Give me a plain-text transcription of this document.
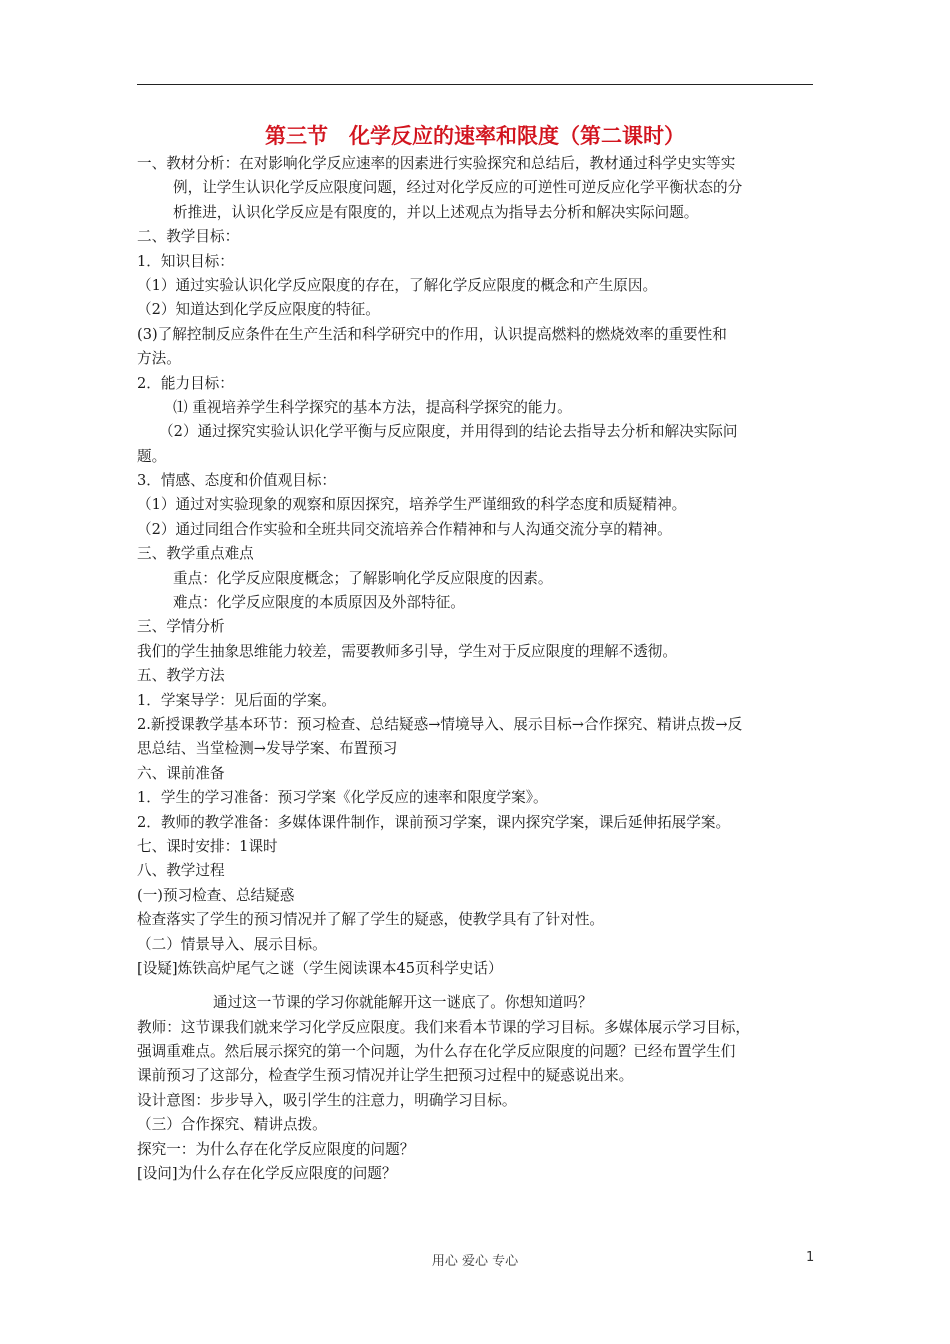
第三节　化学反应的速率和限度（第二课时）
一、教材分析：在对影响化学反应速率的因素进行实验探究和总结后，教材通过科学史实等实
例，让学生认识化学反应限度问题，经过对化学反应的可逆性可逆反应化学平衡状态的分
析推进，认识化学反应是有限度的，并以上述观点为指导去分析和解决实际问题。
二、教学目标：
1．知识目标：
（1）通过实验认识化学反应限度的存在，了解化学反应限度的概念和产生原因。
（2）知道达到化学反应限度的特征。
(3)了解控制反应条件在生产生活和科学研究中的作用，认识提高燃料的燃烧效率的重要性和
方法。
2．能力目标：
⑴ 重视培养学生科学探究的基本方法，提高科学探究的能力。
（2）通过探究实验认识化学平衡与反应限度，并用得到的结论去指导去分析和解决实际问
题。
3．情感、态度和价值观目标：
（1）通过对实验现象的观察和原因探究，培养学生严谨细致的科学态度和质疑精神。
（2）通过同组合作实验和全班共同交流培养合作精神和与人沟通交流分享的精神。
三、教学重点难点
重点：化学反应限度概念；了解影响化学反应限度的因素。
难点：化学反应限度的本质原因及外部特征。
三、学情分析
我们的学生抽象思维能力较差，需要教师多引导，学生对于反应限度的理解不透彻。
五、教学方法
1．学案导学：见后面的学案。
2.新授课教学基本环节：预习检查、总结疑惑→情境导入、展示目标→合作探究、精讲点拨→反
思总结、当堂检测→发导学案、布置预习
六、课前准备
1．学生的学习准备：预习学案《化学反应的速率和限度学案》。
2．教师的教学准备：多媒体课件制作，课前预习学案，课内探究学案，课后延伸拓展学案。
七、课时安排：1课时
八、教学过程
(一)预习检查、总结疑惑
检查落实了学生的预习情况并了解了学生的疑惑，使教学具有了针对性。
（二）情景导入、展示目标。
[设疑]炼铁高炉尾气之谜（学生阅读课本45页科学史话）
通过这一节课的学习你就能解开这一谜底了。你想知道吗？
教师：这节课我们就来学习化学反应限度。我们来看本节课的学习目标。多媒体展示学习目标，
强调重难点。然后展示探究的第一个问题，为什么存在化学反应限度的问题？已经布置学生们
课前预习了这部分，检查学生预习情况并让学生把预习过程中的疑惑说出来。
设计意图：步步导入，吸引学生的注意力，明确学习目标。
（三）合作探究、精讲点拨。
探究一：为什么存在化学反应限度的问题？
[设问]为什么存在化学反应限度的问题？
用心 爱心 专心	1
